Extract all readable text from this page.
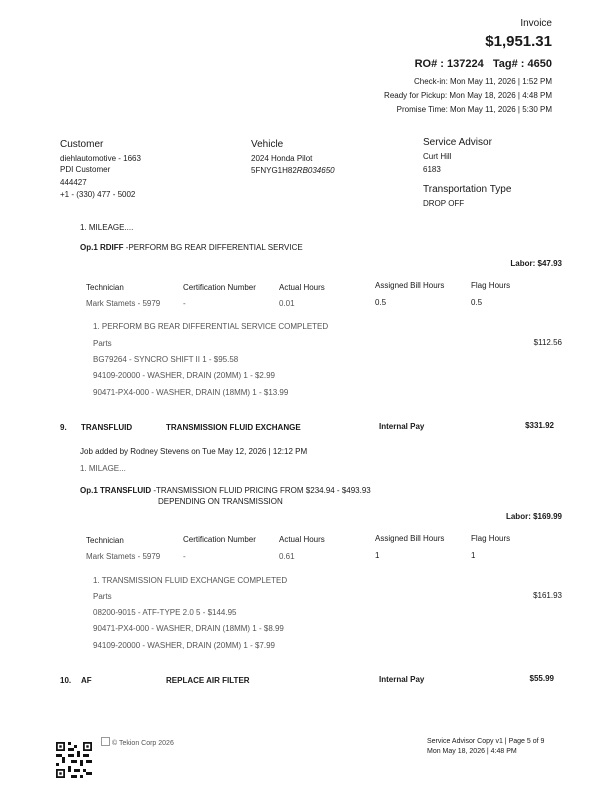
Invoice
$1,951.31
RO# : 137224 Tag# : 4650
Check-in: Mon May 11, 2026 | 1:52 PM
Ready for Pickup: Mon May 18, 2026 | 4:48 PM
Promise Time: Mon May 11, 2026 | 5:30 PM
Customer
diehlautomotive - 1663
PDI Customer
444427
+1 - (330) 477 - 5002
Vehicle
2024 Honda Pilot
5FNYG1H82RB034650
Service Advisor
Curt Hill
6183
Transportation Type
DROP OFF
1. MILEAGE....
Op.1 RDIFF -PERFORM BG REAR DIFFERENTIAL SERVICE
Labor: $47.93
Technician	Certification Number	Actual Hours	Assigned Bill Hours	Flag Hours
Mark Stamets - 5979	-	0.01	0.5	0.5
1. PERFORM BG REAR DIFFERENTIAL SERVICE COMPLETED
Parts	$112.56
BG79264 - SYNCRO SHIFT II 1 - $95.58
94109-20000 - WASHER, DRAIN (20MM) 1 - $2.99
90471-PX4-000 - WASHER, DRAIN (18MM) 1 - $13.99
9. TRANSFLUID	TRANSMISSION FLUID EXCHANGE	Internal Pay	$331.92
Job added by Rodney Stevens on Tue May 12, 2026 | 12:12 PM
1. MILAGE...
Op.1 TRANSFLUID -TRANSMISSION FLUID PRICING FROM $234.94 - $493.93
DEPENDING ON TRANSMISSION
Labor: $169.99
Technician	Certification Number	Actual Hours	Assigned Bill Hours	Flag Hours
Mark Stamets - 5979	-	0.61	1	1
1. TRANSMISSION FLUID EXCHANGE COMPLETED
Parts	$161.93
08200-9015 - ATF-TYPE 2.0 5 - $144.95
90471-PX4-000 - WASHER, DRAIN (18MM) 1 - $8.99
94109-20000 - WASHER, DRAIN (20MM) 1 - $7.99
10. AF	REPLACE AIR FILTER	Internal Pay	$55.99
© Tekion Corp 2026	Service Advisor Copy v1 | Page 5 of 9
Mon May 18, 2026 | 4:48 PM
